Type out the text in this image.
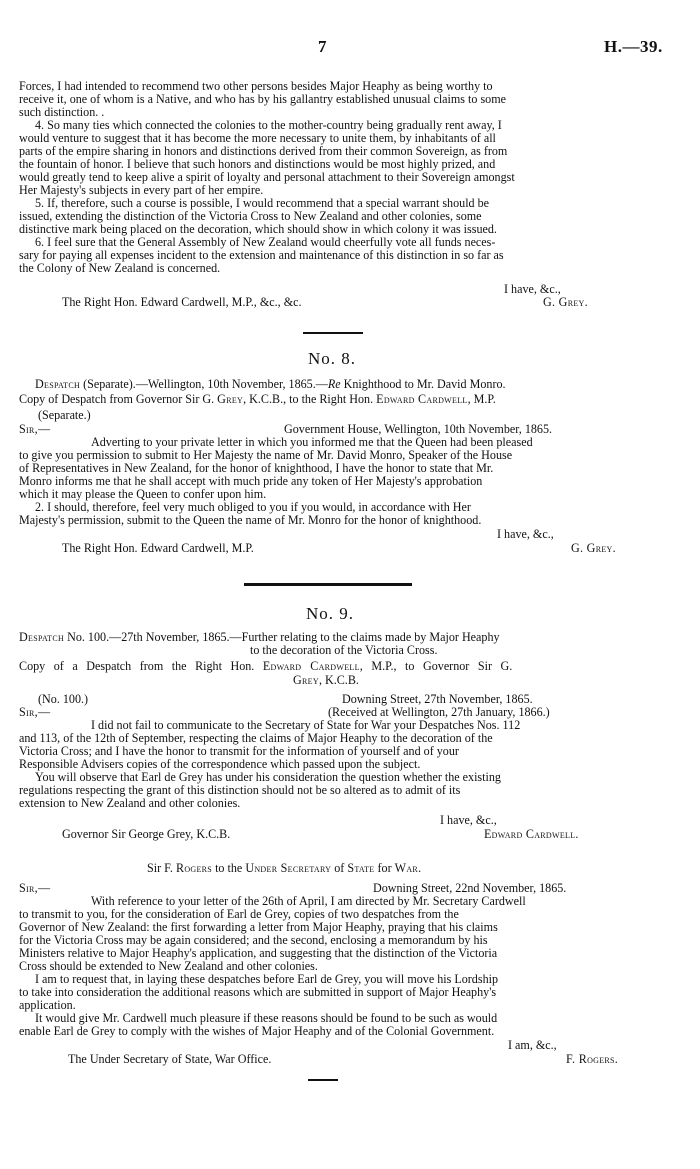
7	H.—39.
Forces, I had intended to recommend two other persons besides Major Heaphy as being worthy to
receive it, one of whom is a Native, and who has by his gallantry established unusual claims to some
such distinction. .
4. So many ties which connected the colonies to the mother-country being gradually rent away, I
would venture to suggest that it has become the more necessary to unite them, by inhabitants of all
parts of the empire sharing in honors and distinctions derived from their common Sovereign, as from
the fountain of honor. I believe that such honors and distinctions would be most highly prized, and
would greatly tend to keep alive a spirit of loyalty and personal attachment to their Sovereign amongst
Her Majesty's subjects in every part of her empire.
5. If, therefore, such a course is possible, I would recommend that a special warrant should be
issued, extending the distinction of the Victoria Cross to New Zealand and other colonies, some
distinctive mark being placed on the decoration, which should show in which colony it was issued.
6. I feel sure that the General Assembly of New Zealand would cheerfully vote all funds neces-
sary for paying all expenses incident to the extension and maintenance of this distinction in so far as
the Colony of New Zealand is concerned.
I have, &c.,
The Right Hon. Edward Cardwell, M.P., &c., &c.	G. Grey.
No. 8.
Despatch (Separate).—Wellington, 10th November, 1865.—Re Knighthood to Mr. David Monro.
Copy of Despatch from Governor Sir G. Grey, K.C.B., to the Right Hon. Edward Cardwell, M.P.
(Separate.)
Sir,—	Government House, Wellington, 10th November, 1865.
Adverting to your private letter in which you informed me that the Queen had been pleased
to give you permission to submit to Her Majesty the name of Mr. David Monro, Speaker of the House
of Representatives in New Zealand, for the honor of knighthood, I have the honor to state that Mr.
Monro informs me that he shall accept with much pride any token of Her Majesty's approbation
which it may please the Queen to confer upon him.
2. I should, therefore, feel very much obliged to you if you would, in accordance with Her
Majesty's permission, submit to the Queen the name of Mr. Monro for the honor of knighthood.
I have, &c.,
The Right Hon. Edward Cardwell, M.P.	G. Grey.
No. 9.
Despatch No. 100.—27th November, 1865.—Further relating to the claims made by Major Heaphy
to the decoration of the Victoria Cross.
Copy of a Despatch from the Right Hon. Edward Cardwell, M.P., to Governor Sir G.
Grey, K.C.B.
(No. 100.)	Downing Street, 27th November, 1865.
Sir,—	(Received at Wellington, 27th January, 1866.)
I did not fail to communicate to the Secretary of State for War your Despatches Nos. 112
and 113, of the 12th of September, respecting the claims of Major Heaphy to the decoration of the
Victoria Cross; and I have the honor to transmit for the information of yourself and of your
Responsible Advisers copies of the correspondence which passed upon the subject.
You will observe that Earl de Grey has under his consideration the question whether the existing
regulations respecting the grant of this distinction should not be so altered as to admit of its
extension to New Zealand and other colonies.
I have, &c.,
Governor Sir George Grey, K.C.B.	Edward Cardwell.
Sir F. Rogers to the Under Secretary of State for War.
Sir,—	Downing Street, 22nd November, 1865.
With reference to your letter of the 26th of April, I am directed by Mr. Secretary Cardwell
to transmit to you, for the consideration of Earl de Grey, copies of two despatches from the
Governor of New Zealand: the first forwarding a letter from Major Heaphy, praying that his claims
for the Victoria Cross may be again considered; and the second, enclosing a memorandum by his
Ministers relative to Major Heaphy's application, and suggesting that the distinction of the Victoria
Cross should be extended to New Zealand and other colonies.
I am to request that, in laying these despatches before Earl de Grey, you will move his Lordship
to take into consideration the additional reasons which are submitted in support of Major Heaphy's
application.
It would give Mr. Cardwell much pleasure if these reasons should be found to be such as would
enable Earl de Grey to comply with the wishes of Major Heaphy and of the Colonial Government.
I am, &c.,
The Under Secretary of State, War Office.	F. Rogers.
